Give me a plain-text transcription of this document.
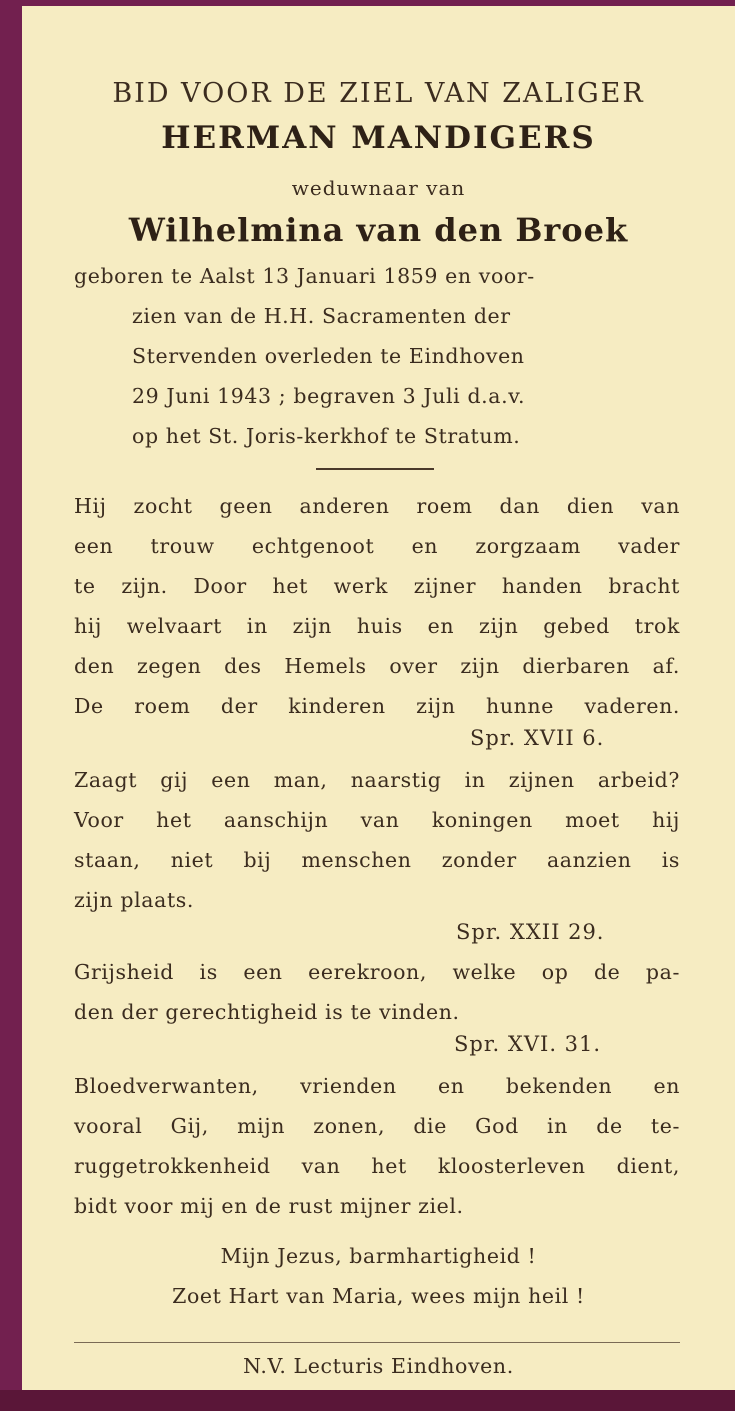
BID VOOR DE ZIEL VAN ZALIGER

HERMAN MANDIGERS

weduwnaar van

Wilhelmina van den Broek

geboren te Aalst 13 Januari 1859 en voor-

zien van de H.H. Sacramenten der

Stervenden overleden te Eindhoven

29 Juni 1943 ; begraven 3 Juli d.a.v.

op het St. Joris-kerkhof te Stratum.

Hij zocht geen anderen roem dan dien van

een trouw echtgenoot en zorgzaam vader

te zijn. Door het werk zijner handen bracht

hij welvaart in zijn huis en zijn gebed trok

den zegen des Hemels over zijn dierbaren af.

De roem der kinderen zijn hunne vaderen.

Spr. XVII 6.

Zaagt gij een man, naarstig in zijnen arbeid?

Voor het aanschijn van koningen moet hij

staan, niet bij menschen zonder aanzien is

zijn plaats.

Spr. XXII 29.

Grijsheid is een eerekroon, welke op de pa-

den der gerechtigheid is te vinden.

Spr. XVI. 31.

Bloedverwanten, vrienden en bekenden en

vooral Gij, mijn zonen, die God in de te-

ruggetrokkenheid van het kloosterleven dient,

bidt voor mij en de rust mijner ziel.

Mijn Jezus, barmhartigheid !

Zoet Hart van Maria, wees mijn heil !

N.V. Lecturis Eindhoven.
